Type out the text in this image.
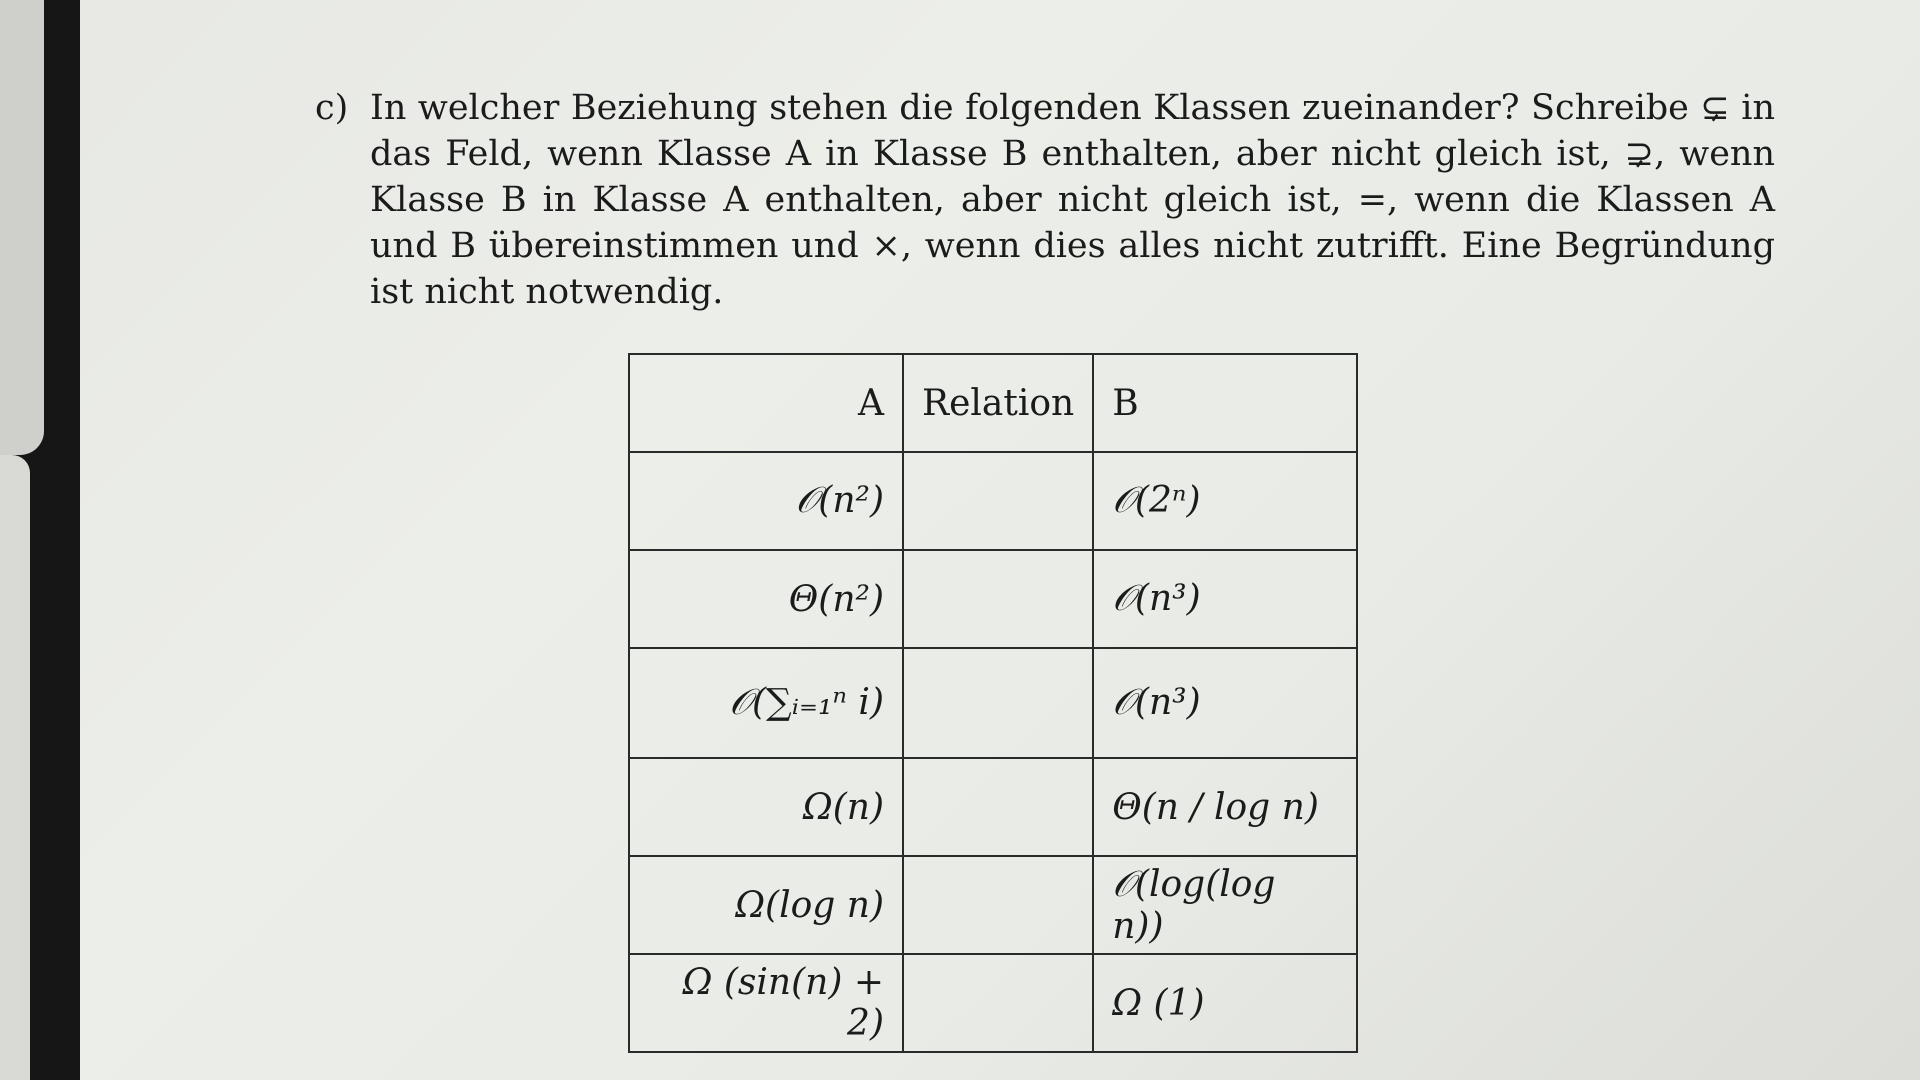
c) In welcher Beziehung stehen die folgenden Klassen zueinander? Schreibe ⊊ in das Feld, wenn Klasse A in Klasse B enthalten, aber nicht gleich ist, ⊋, wenn Klasse B in Klasse A enthalten, aber nicht gleich ist, =, wenn die Klassen A und B übereinstimmen und ×, wenn dies alles nicht zutrifft. Eine Begründung ist nicht notwendig.
A	Relation	B
𝒪(n²)		𝒪(2ⁿ)
Θ(n²)		𝒪(n³)
𝒪(∑ᵢ₌₁ⁿ i)		𝒪(n³)
Ω(n)		Θ(n / log n)
Ω(log n)		𝒪(log(log n))
Ω (sin(n) + 2)		Ω (1)
